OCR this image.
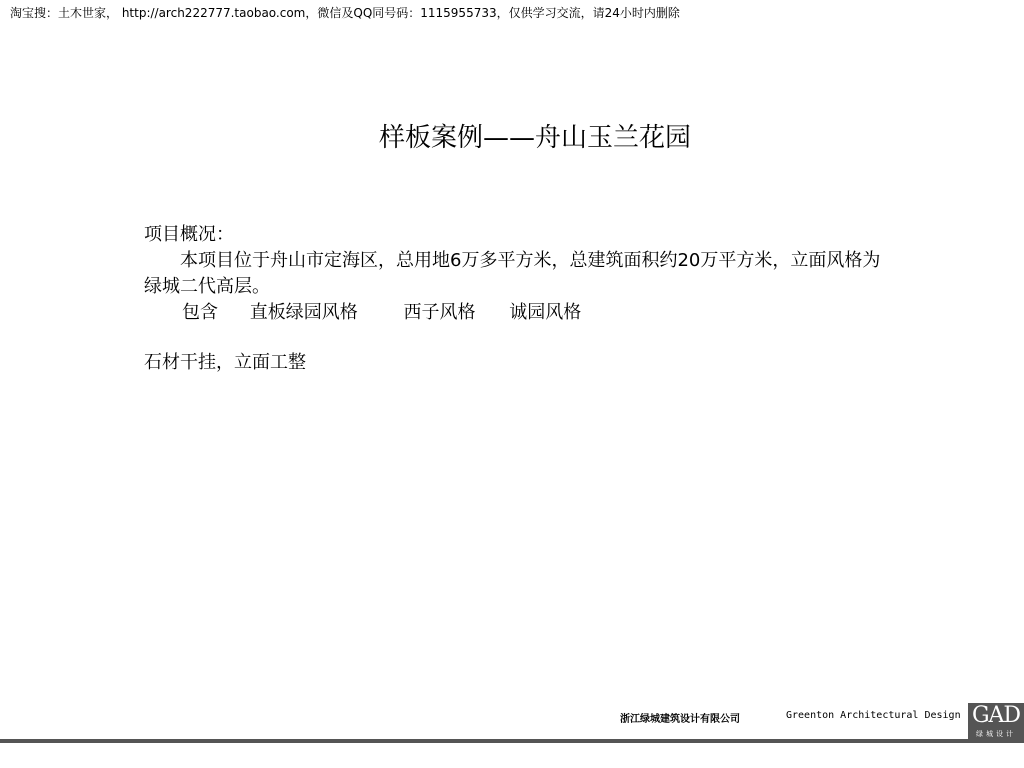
淘宝搜：土木世家， http://arch222777.taobao.com，微信及QQ同号码：1115955733，仅供学习交流，请24小时内删除
样板案例——舟山玉兰花园

项目概况：

本项目位于舟山市定海区，总用地6万多平方米，总建筑面积约20万平方米，立面风格为绿城二代高层。

包含 直板绿园风格	西子风格 诚园风格

石材干挂，立面工整

浙江绿城建筑设计有限公司	Greenton Architectural Design GAD
绿城设计
